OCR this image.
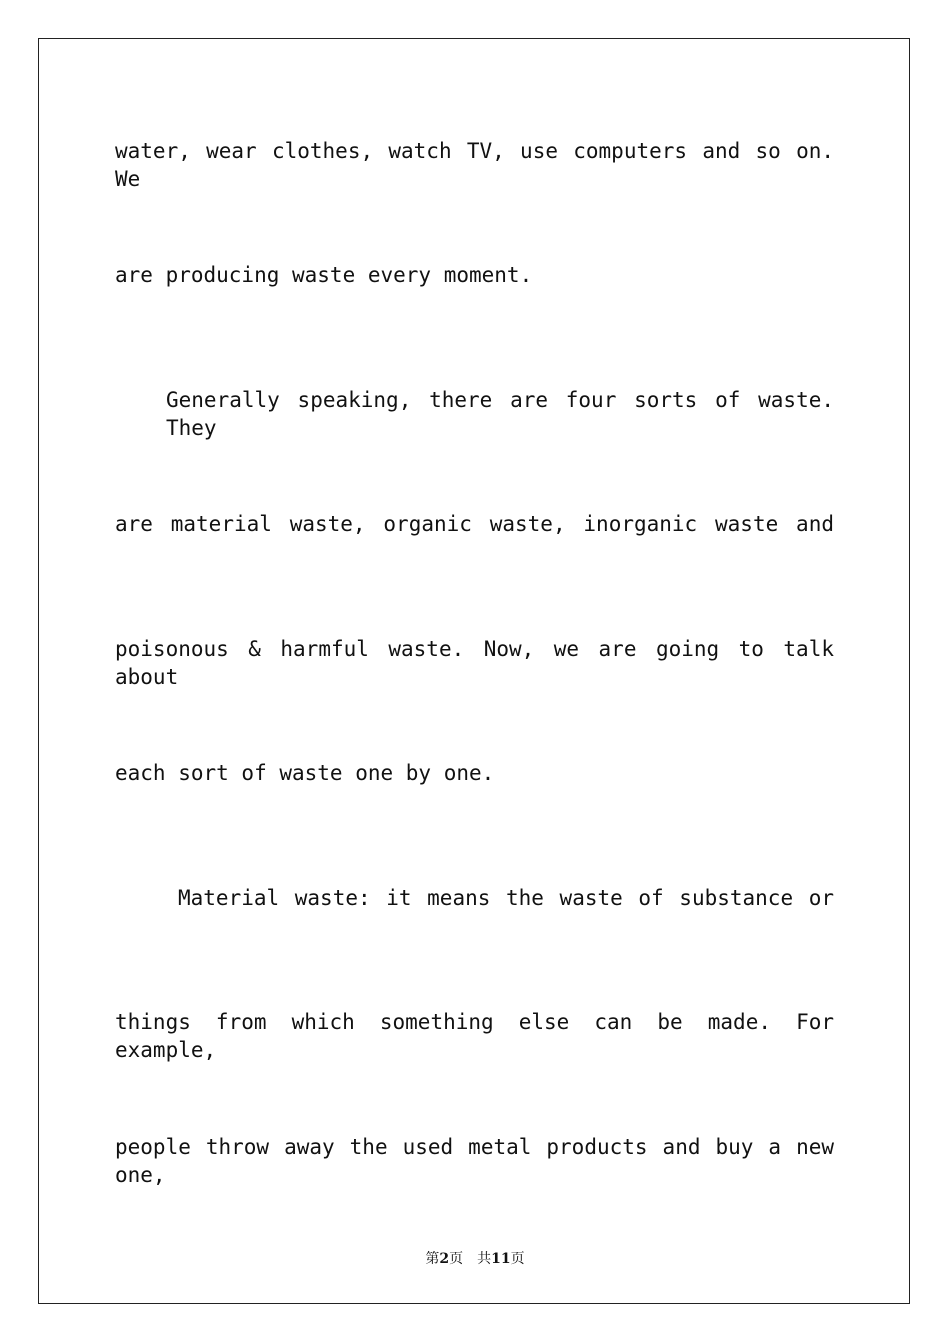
water, wear clothes, watch TV, use computers and so on. We
are producing waste every moment.
Generally speaking, there are four sorts of waste. They
are material waste, organic waste, inorganic waste and
poisonous & harmful waste. Now, we are going to talk about
each sort of waste one by one.
Material waste: it means the waste of substance or
things from which something else can be made. For example,
people throw away the used metal products and buy a new one,
第2页 共11页
